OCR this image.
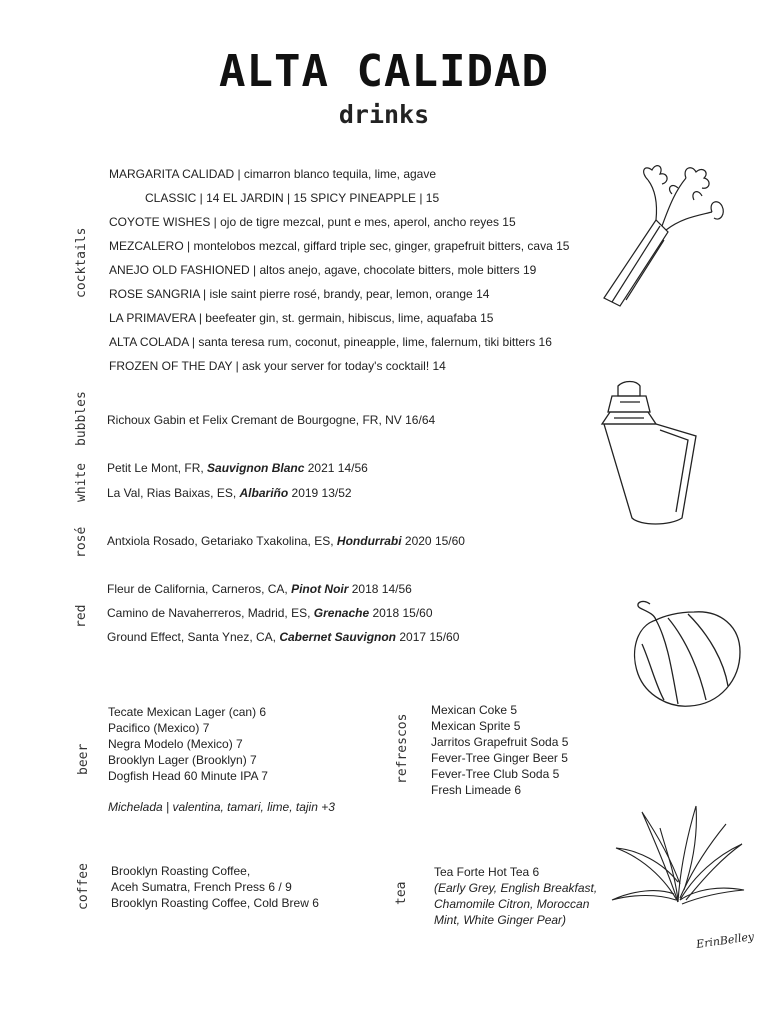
ALTA CALIDAD
drinks
cocktails
bubbles
white
rosé
red
beer	refrescos
coffee	tea
MARGARITA CALIDAD | cimarron blanco tequila, lime, agave
CLASSIC | 14 EL JARDIN | 15 SPICY PINEAPPLE | 15
COYOTE WISHES | ojo de tigre mezcal, punt e mes, aperol, ancho reyes 15
MEZCALERO | montelobos mezcal, giffard triple sec, ginger, grapefruit bitters, cava 15
ANEJO OLD FASHIONED | altos anejo, agave, chocolate bitters, mole bitters 19
ROSE SANGRIA | isle saint pierre rosé, brandy, pear, lemon, orange 14
LA PRIMAVERA | beefeater gin, st. germain, hibiscus, lime, aquafaba 15
ALTA COLADA | santa teresa rum, coconut, pineapple, lime, falernum, tiki bitters 16
FROZEN OF THE DAY | ask your server for today's cocktail! 14
Richoux Gabin et Felix Cremant de Bourgogne, FR, NV 16/64
Petit Le Mont, FR, Sauvignon Blanc 2021 14/56
La Val, Rias Baixas, ES, Albariño 2019 13/52
Antxiola Rosado, Getariako Txakolina, ES, Hondurrabi 2020 15/60
Fleur de California, Carneros, CA, Pinot Noir 2018 14/56
Camino de Navaherreros, Madrid, ES, Grenache 2018 15/60
Ground Effect, Santa Ynez, CA, Cabernet Sauvignon 2017 15/60
Tecate Mexican Lager (can) 6
Pacifico (Mexico) 7
Negra Modelo (Mexico) 7
Brooklyn Lager (Brooklyn) 7
Dogfish Head 60 Minute IPA 7
Michelada | valentina, tamari, lime, tajin +3
Mexican Coke 5
Mexican Sprite 5
Jarritos Grapefruit Soda 5
Fever-Tree Ginger Beer 5
Fever-Tree Club Soda 5
Fresh Limeade 6
Brooklyn Roasting Coffee,
Aceh Sumatra, French Press 6 / 9
Brooklyn Roasting Coffee, Cold Brew 6
Tea Forte Hot Tea 6
(Early Grey, English Breakfast,
Chamomile Citron, Moroccan
Mint, White Ginger Pear)
ErinBelley
